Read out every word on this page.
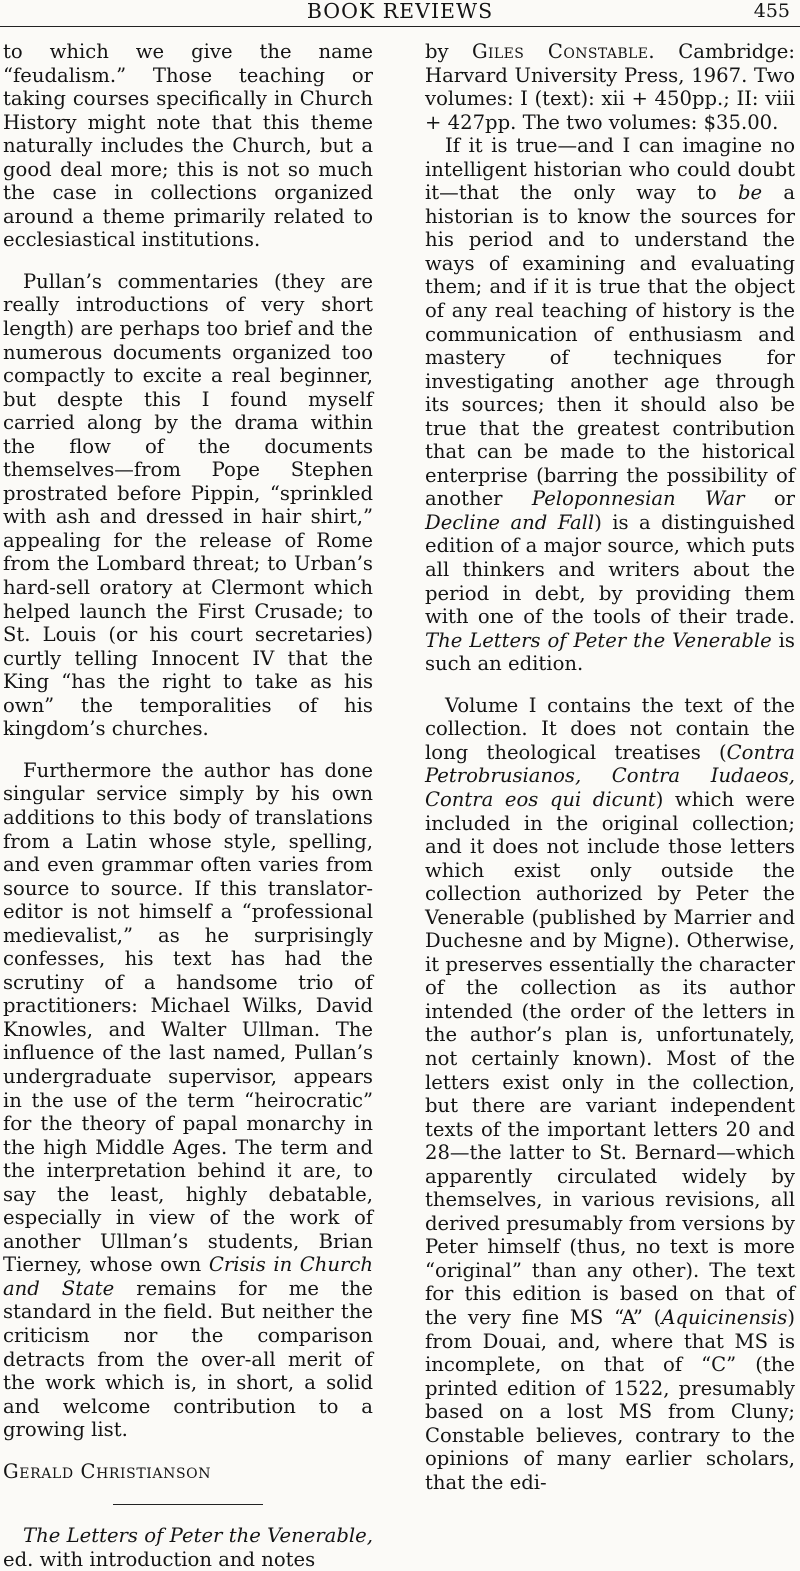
BOOK REVIEWS	455

to which we give the name “feudalism.” Those teaching or taking courses specifically in Church History might note that this theme naturally includes the Church, but a good deal more; this is not so much the case in collections organized around a theme primarily related to ecclesiastical institutions.

Pullan’s commentaries (they are really introductions of very short length) are perhaps too brief and the numerous documents organized too compactly to excite a real beginner, but despte this I found myself carried along by the drama within the flow of the documents themselves—from Pope Stephen prostrated before Pippin, “sprinkled with ash and dressed in hair shirt,” appealing for the release of Rome from the Lombard threat; to Urban’s hard-sell oratory at Clermont which helped launch the First Crusade; to St. Louis (or his court secretaries) curtly telling Innocent IV that the King “has the right to take as his own” the temporalities of his kingdom’s churches.

Furthermore the author has done singular service simply by his own additions to this body of translations from a Latin whose style, spelling, and even grammar often varies from source to source. If this translator-editor is not himself a “professional medievalist,” as he surprisingly confesses, his text has had the scrutiny of a handsome trio of practitioners: Michael Wilks, David Knowles, and Walter Ullman. The influence of the last named, Pullan’s undergraduate supervisor, appears in the use of the term “heirocratic” for the theory of papal monarchy in the high Middle Ages. The term and the interpretation behind it are, to say the least, highly debatable, especially in view of the work of another Ullman’s students, Brian Tierney, whose own Crisis in Church and State remains for me the standard in the field. But neither the criticism nor the comparison detracts from the over-all merit of the work which is, in short, a solid and welcome contribution to a growing list.

Gerald Christianson

The Letters of Peter the Venerable, ed. with introduction and notes

by Giles Constable. Cambridge: Harvard University Press, 1967. Two volumes: I (text): xii + 450pp.; II: viii + 427pp. The two volumes: $35.00.

If it is true—and I can imagine no intelligent historian who could doubt it—that the only way to be a historian is to know the sources for his period and to understand the ways of examining and evaluating them; and if it is true that the object of any real teaching of history is the communication of enthusiasm and mastery of techniques for investigating another age through its sources; then it should also be true that the greatest contribution that can be made to the historical enterprise (barring the possibility of another Peloponnesian War or Decline and Fall) is a distinguished edition of a major source, which puts all thinkers and writers about the period in debt, by providing them with one of the tools of their trade. The Letters of Peter the Venerable is such an edition.

Volume I contains the text of the collection. It does not contain the long theological treatises (Contra Petrobrusianos, Contra Iudaeos, Contra eos qui dicunt) which were included in the original collection; and it does not include those letters which exist only outside the collection authorized by Peter the Venerable (published by Marrier and Duchesne and by Migne). Otherwise, it preserves essentially the character of the collection as its author intended (the order of the letters in the author’s plan is, unfortunately, not certainly known). Most of the letters exist only in the collection, but there are variant independent texts of the important letters 20 and 28—the latter to St. Bernard—which apparently circulated widely by themselves, in various revisions, all derived presumably from versions by Peter himself (thus, no text is more “original” than any other). The text for this edition is based on that of the very fine MS “A” (Aquicinensis) from Douai, and, where that MS is incomplete, on that of “C” (the printed edition of 1522, presumably based on a lost MS from Cluny; Constable believes, contrary to the opinions of many earlier scholars, that the edi-
